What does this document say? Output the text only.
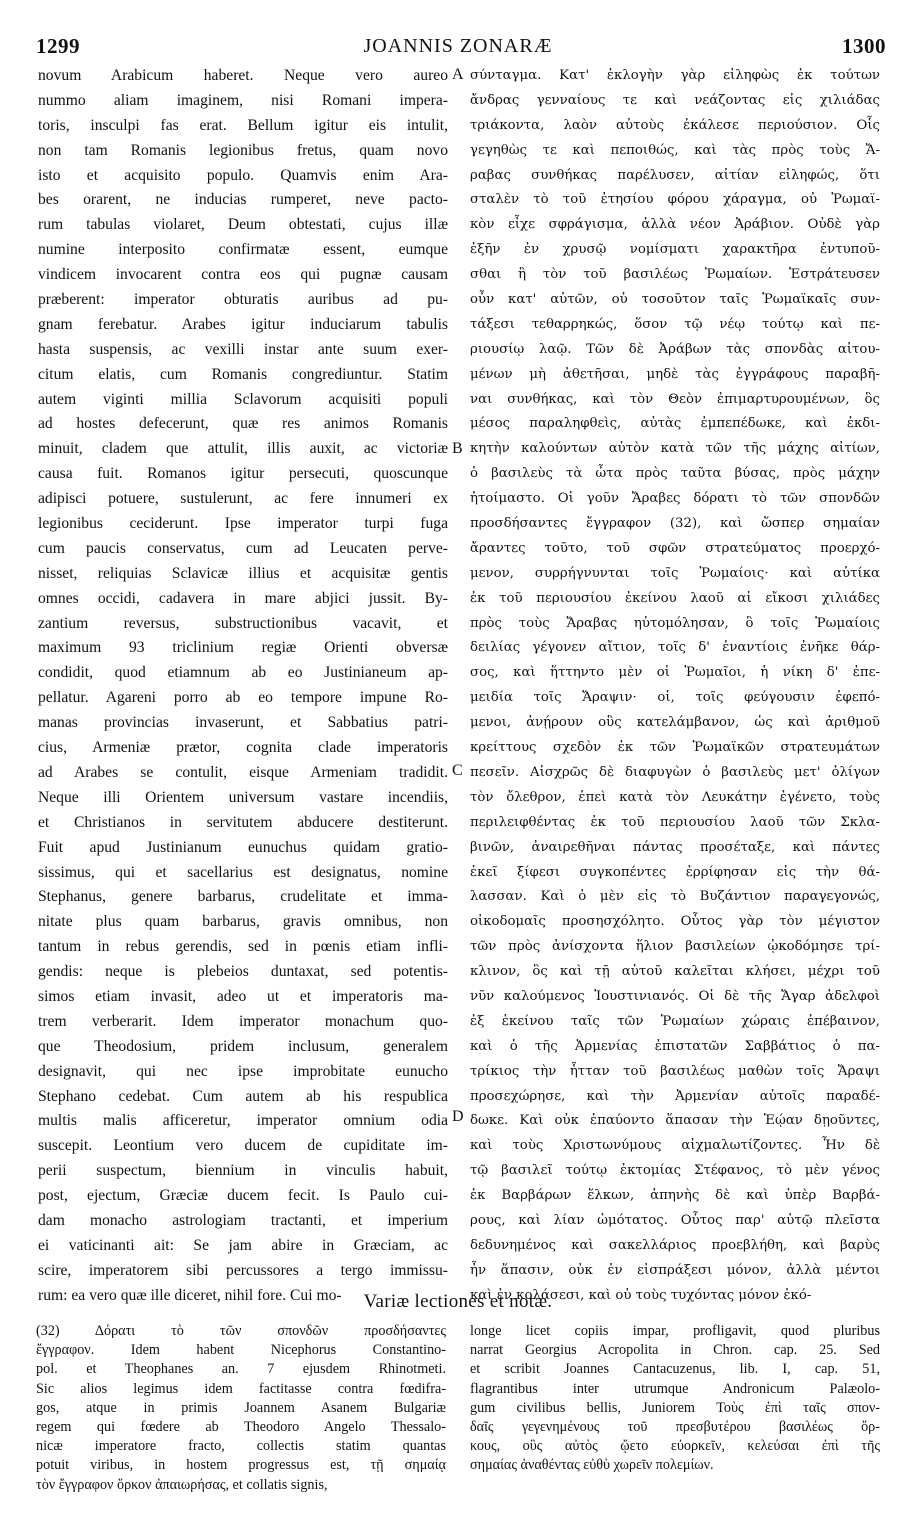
1299	JOANNIS ZONARÆ	1300
novum Arabicum haberet. Neque vero aureo
nummo aliam imaginem, nisi Romani impera-
toris, insculpi fas erat. Bellum igitur eis intulit,
non tam Romanis legionibus fretus, quam novo
isto et acquisito populo. Quamvis enim Ara-
bes orarent, ne inducias rumperet, neve pacto-
rum tabulas violaret, Deum obtestati, cujus illæ
numine interposito confirmatæ essent, eumque
vindicem invocarent contra eos qui pugnæ causam
præberent: imperator obturatis auribus ad pu-
gnam ferebatur. Arabes igitur induciarum tabulis
hasta suspensis, ac vexilli instar ante suum exer-
citum elatis, cum Romanis congrediuntur. Statim
autem viginti millia Sclavorum acquisiti populi
ad hostes defecerunt, quæ res animos Romanis
minuit, cladem que attulit, illis auxit, ac victoriæ
causa fuit. Romanos igitur persecuti, quoscunque
adipisci potuere, sustulerunt, ac fere innumeri ex
legionibus ceciderunt. Ipse imperator turpi fuga
cum paucis conservatus, cum ad Leucaten perve-
nisset, reliquias Sclavicæ illius et acquisitæ gentis
omnes occidi, cadavera in mare abjici jussit. By-
zantium reversus, substructionibus vacavit, et
maximum 93 triclinium regiæ Orienti obversæ
condidit, quod etiamnum ab eo Justinianeum ap-
pellatur. Agareni porro ab eo tempore impune Ro-
manas provincias invaserunt, et Sabbatius patri-
cius, Armeniæ prætor, cognita clade imperatoris
ad Arabes se contulit, eisque Armeniam tradidit.
Neque illi Orientem universum vastare incendiis,
et Christianos in servitutem abducere destiterunt.
Fuit apud Justinianum eunuchus quidam gratio-
sissimus, qui et sacellarius est designatus, nomine
Stephanus, genere barbarus, crudelitate et imma-
nitate plus quam barbarus, gravis omnibus, non
tantum in rebus gerendis, sed in pœnis etiam infli-
gendis: neque is plebeios duntaxat, sed potentis-
simos etiam invasit, adeo ut et imperatoris ma-
trem verberarit. Idem imperator monachum quo-
que Theodosium, pridem inclusum, generalem
designavit, qui nec ipse improbitate eunucho
Stephano cedebat. Cum autem ab his respublica
multis malis afficeretur, imperator omnium odia
suscepit. Leontium vero ducem de cupiditate im-
perii suspectum, biennium in vinculis habuit,
post, ejectum, Græciæ ducem fecit. Is Paulo cui-
dam monacho astrologiam tractanti, et imperium
ei vaticinanti ait: Se jam abire in Græciam, ac
scire, imperatorem sibi percussores a tergo immissu-
rum: ea vero quæ ille diceret, nihil fore. Cui mo-
σύνταγμα. Κατ' ἐκλογὴν γὰρ εἰληφὼς ἐκ τούτων
ἄνδρας γενναίους τε καὶ νεάζοντας εἰς χιλιάδας
τριάκοντα, λαὸν αὐτοὺς ἐκάλεσε περιούσιον. Οἷς
γεγηθὼς τε καὶ πεποιθώς, καὶ τὰς πρὸς τοὺς Ἄ-
ραβας συνθήκας παρέλυσεν, αἰτίαν εἰληφώς, ὅτι
σταλὲν τὸ τοῦ ἐτησίου φόρου χάραγμα, οὐ Ῥωμαϊ-
κὸν εἶχε σφράγισμα, ἀλλὰ νέον Ἀράβιον. Οὐδὲ γὰρ
ἐξῆν ἐν χρυσῷ νομίσματι χαρακτῆρα ἐντυποῦ-
σθαι ἢ τὸν τοῦ βασιλέως Ῥωμαίων. Ἐστράτευσεν
οὖν κατ' αὐτῶν, οὐ τοσοῦτον ταῖς Ῥωμαϊκαῖς συν-
τάξεσι τεθαρρηκώς, ὅσον τῷ νέῳ τούτῳ καὶ πε-
ριουσίῳ λαῷ. Τῶν δὲ Ἀράβων τὰς σπονδὰς αἰτου-
μένων μὴ ἀθετῆσαι, μηδὲ τὰς ἐγγράφους παραβῆ-
ναι συνθήκας, καὶ τὸν Θεὸν ἐπιμαρτυρουμένων, ὃς
μέσος παραληφθεὶς, αὐτὰς ἐμπεπέδωκε, καὶ ἐκδι-
κητὴν καλούντων αὐτὸν κατὰ τῶν τῆς μάχης αἰτίων,
ὁ βασιλεὺς τὰ ὦτα πρὸς ταῦτα βύσας, πρὸς μάχην
ἡτοίμαστο. Οἱ γοῦν Ἄραβες δόρατι τὸ τῶν σπονδῶν
προσδήσαντες ἔγγραφον (32), καὶ ὥσπερ σημαίαν
ἄραντες τοῦτο, τοῦ σφῶν στρατεύματος προερχό-
μενον, συρρήγνυνται τοῖς Ῥωμαίοις· καὶ αὐτίκα
ἐκ τοῦ περιουσίου ἐκείνου λαοῦ αἱ εἴκοσι χιλιάδες
πρὸς τοὺς Ἄραβας ηὐτομόλησαν, ὃ τοῖς Ῥωμαίοις
δειλίας γέγονεν αἴτιον, τοῖς δ' ἐναντίοις ἐνῆκε θάρ-
σος, καὶ ἥττηντο μὲν οἱ Ῥωμαῖοι, ἡ νίκη δ' ἐπε-
μειδία τοῖς Ἄραψιν· οἱ, τοῖς φεύγουσιν ἐφεπό-
μενοι, ἀνῄρουν οὓς κατελάμβανον, ὡς καὶ ἀριθμοῦ
κρείττους σχεδὸν ἐκ τῶν Ῥωμαϊκῶν στρατευμάτων
πεσεῖν. Αἰσχρῶς δὲ διαφυγὼν ὁ βασιλεὺς μετ' ὀλίγων
τὸν ὄλεθρον, ἐπεὶ κατὰ τὸν Λευκάτην ἐγένετο, τοὺς
περιλειφθέντας ἐκ τοῦ περιουσίου λαοῦ τῶν Σκλα-
βινῶν, ἀναιρεθῆναι πάντας προσέταξε, καὶ πάντες
ἐκεῖ ξίφεσι συγκοπέντες ἐρρίφησαν εἰς τὴν θά-
λασσαν. Καὶ ὁ μὲν εἰς τὸ Βυζάντιον παραγεγονώς,
οἰκοδομαῖς προσησχόλητο. Οὗτος γὰρ τὸν μέγιστον
τῶν πρὸς ἀνίσχοντα ἥλιον βασιλείων ᾠκοδόμησε τρί-
κλινον, ὃς καὶ τῇ αὐτοῦ καλεῖται κλήσει, μέχρι τοῦ
νῦν καλούμενος Ἰουστινιανός. Οἱ δὲ τῆς Ἄγαρ ἀδελφοὶ
ἐξ ἐκείνου ταῖς τῶν Ῥωμαίων χώραις ἐπέβαινον,
καὶ ὁ τῆς Ἀρμενίας ἐπιστατῶν Σαββάτιος ὁ πα-
τρίκιος τὴν ἧτταν τοῦ βασιλέως μαθὼν τοῖς Ἄραψι
προσεχώρησε, καὶ τὴν Ἀρμενίαν αὐτοῖς παραδέ-
δωκε. Καὶ οὐκ ἐπαύοντο ἅπασαν τὴν Ἑῴαν δῃοῦντες,
καὶ τοὺς Χριστωνύμους αἰχμαλωτίζοντες. Ἦν δὲ
τῷ βασιλεῖ τούτῳ ἐκτομίας Στέφανος, τὸ μὲν γένος
ἐκ Βαρβάρων ἕλκων, ἀπηνὴς δὲ καὶ ὑπὲρ Βαρβά-
ρους, καὶ λίαν ὠμότατος. Οὗτος παρ' αὐτῷ πλεῖστα
δεδυνημένος καὶ σακελλάριος προεβλήθη, καὶ βαρὺς
ἦν ἅπασιν, οὐκ ἐν εἰσπράξεσι μόνον, ἀλλὰ μέντοι
καὶ ἐν κολάσεσι, καὶ οὐ τοὺς τυχόντας μόνον ἐκό-
A
B
C
D
Variæ lectiones et notæ.
(32) Δόρατι τὸ τῶν σπονδῶν προσδήσαντες
ἔγγραφον. Idem habent Nicephorus Constantino-
pol. et Theophanes an. 7 ejusdem Rhinotmeti.
Sic alios legimus idem factitasse contra fœdifra-
gos, atque in primis Joannem Asanem Bulgariæ
regem qui fœdere ab Theodoro Angelo Thessalo-
nicæ imperatore fracto, collectis statim quantas
potuit viribus, in hostem progressus est, τῇ σημαίᾳ
τὸν ἔγγραφον ὅρκον ἀπαιωρήσας, et collatis signis,
longe licet copiis impar, profligavit, quod pluribus
narrat Georgius Acropolita in Chron. cap. 25. Sed
et scribit Joannes Cantacuzenus, lib. I, cap. 51,
flagrantibus inter utrumque Andronicum Palæolo-
gum civilibus bellis, Juniorem Τοὺς ἐπὶ ταῖς σπον-
δαῖς γεγενημένους τοῦ πρεσβυτέρου βασιλέως ὅρ-
κους, οὓς αὐτὸς ᾤετο εὐορκεῖν, κελεύσαι ἐπὶ τῆς
σημαίας ἀναθέντας εὐθὺ χωρεῖν πολεμίων.
